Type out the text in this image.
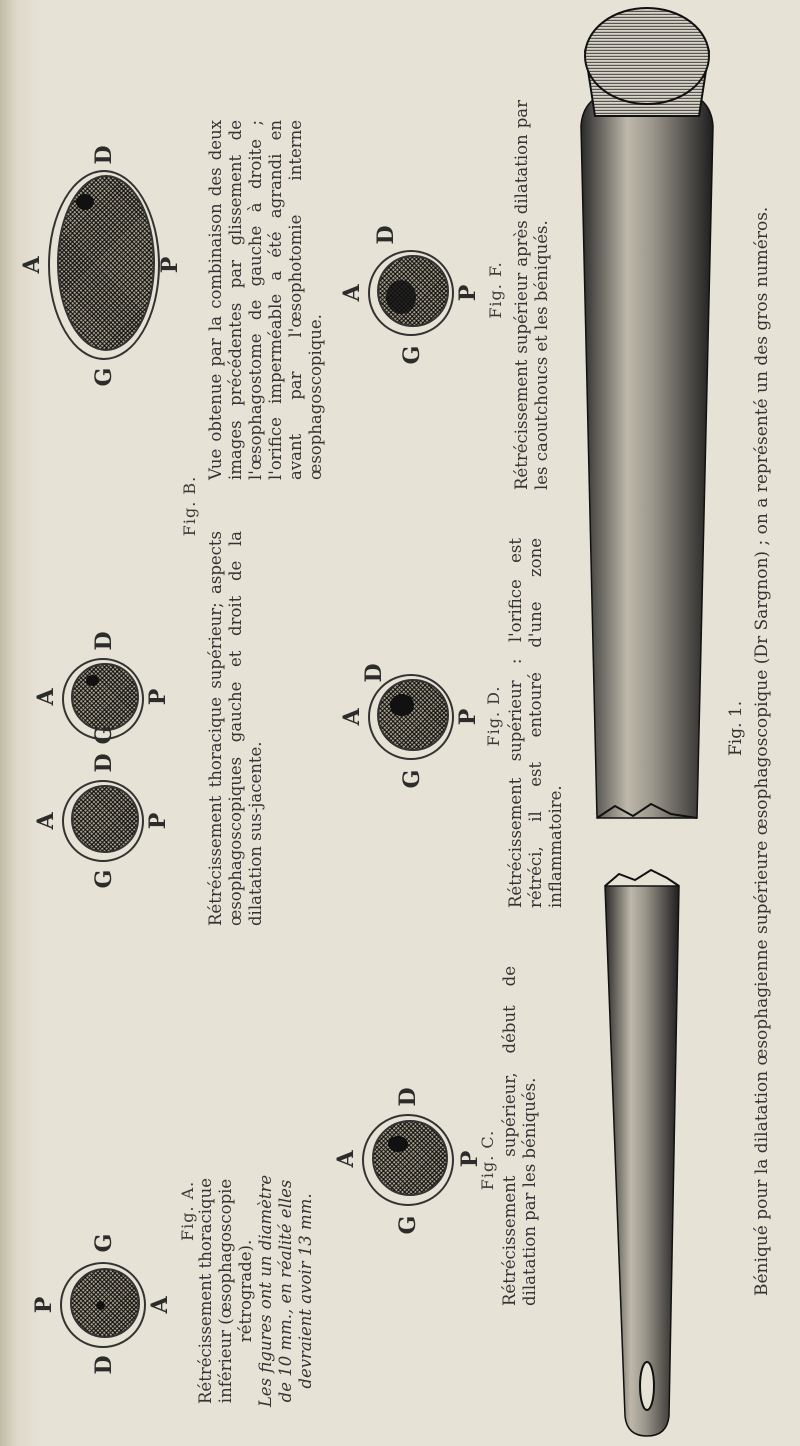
P	A
D
G
Fig. A. Rétrécissement thoracique inférieur (œsophagoscopie rétrograde).
Les figures ont un diamètre de 10 mm., en réalité elles devraient avoir 13 mm.
A	P
G
D
Fig. C. Rétrécissement supérieur, début de dilatation par les béniqués.
A	P
G
D
A	P
G
D
A	P
G
D
Fig. B.
Rétrécissement thoracique supérieur; aspects œsophagoscopiques gauche et droit de la dilatation sus-jacente.
Vue obtenue par la combinaison des deux images précédentes par glissement de l'œsophagostome de gauche à droite ; l'orifice imperméable a été agrandi en avant par l'œsophotomie interne œsophagoscopique.
A	P
G
D
Fig. D. Rétrécissement supérieur : l'orifice est rétréci, il est entouré d'une zone inflammatoire.
A	P
G
D
Fig. F. Rétrécissement supérieur après dilatation par les caoutchoucs et les béniqués.
Fig. 1. Béniqué pour la dilatation œsophagienne supérieure œsophagoscopique (Dr Sargnon) ; on a représenté un des gros numéros.
